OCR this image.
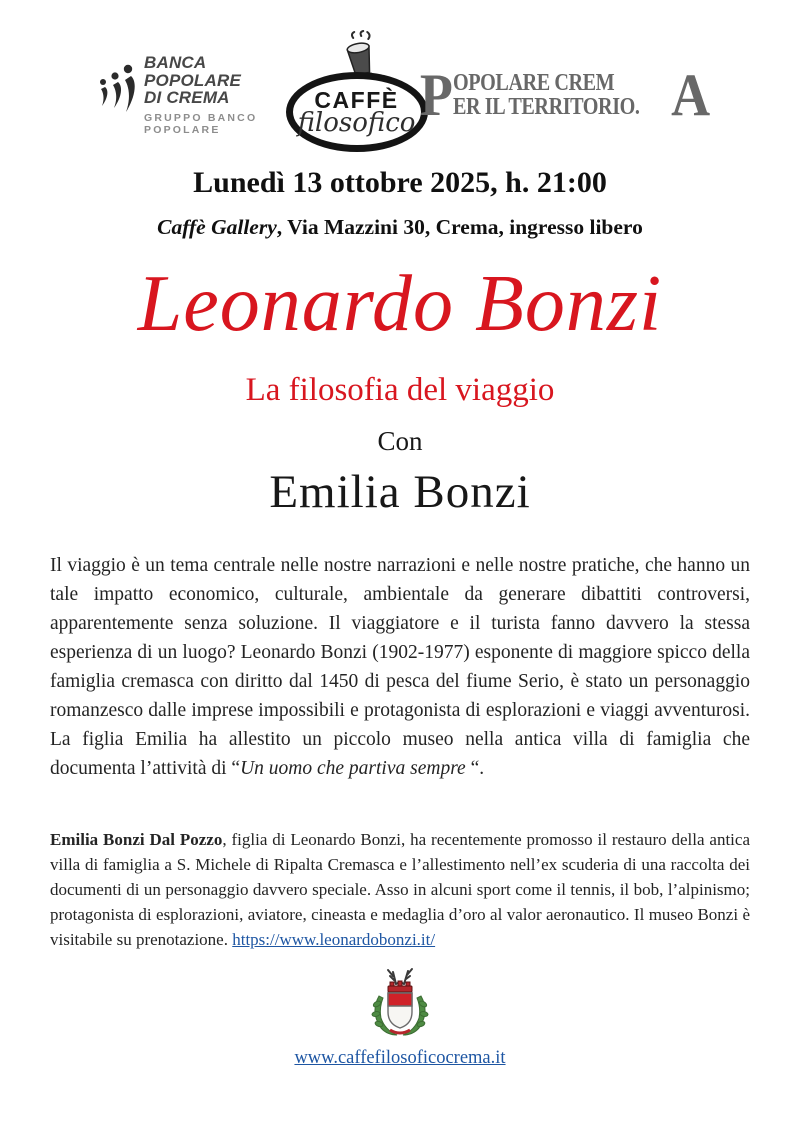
BANCA POPOLARE
DI CREMA
GRUPPO BANCO POPOLARE
CAFFÈ
filosofico P OPOLARE CREM
ER IL TERRITORIO. A
Lunedì 13 ottobre 2025, h. 21:00
Caffè Gallery, Via Mazzini 30, Crema, ingresso libero
Leonardo Bonzi
La filosofia del viaggio
Con
Emilia Bonzi

Il viaggio è un tema centrale nelle nostre narrazioni e nelle nostre pratiche, che hanno un tale impatto economico, culturale, ambientale da generare dibattiti controversi, apparentemente senza soluzione. Il viaggiatore e il turista fanno davvero la stessa esperienza di un luogo? Leonardo Bonzi (1902-1977) esponente di maggiore spicco della famiglia cremasca con diritto dal 1450 di pesca del fiume Serio, è stato un personaggio romanzesco dalle imprese impossibili e protagonista di esplorazioni e viaggi avventurosi. La figlia Emilia ha allestito un piccolo museo nella antica villa di famiglia che documenta l’attività di “Un uomo che partiva sempre “.

Emilia Bonzi Dal Pozzo, figlia di Leonardo Bonzi, ha recentemente promosso il restauro della antica villa di famiglia a S. Michele di Ripalta Cremasca e l’allestimento nell’ex scuderia di una raccolta dei documenti di un personaggio davvero speciale. Asso in alcuni sport come il tennis, il bob, l’alpinismo; protagonista di esplorazioni, aviatore, cineasta e medaglia d’oro al valor aeronautico. Il museo Bonzi è visitabile su prenotazione. https://www.leonardobonzi.it/

www.caffefilosoficocrema.it
